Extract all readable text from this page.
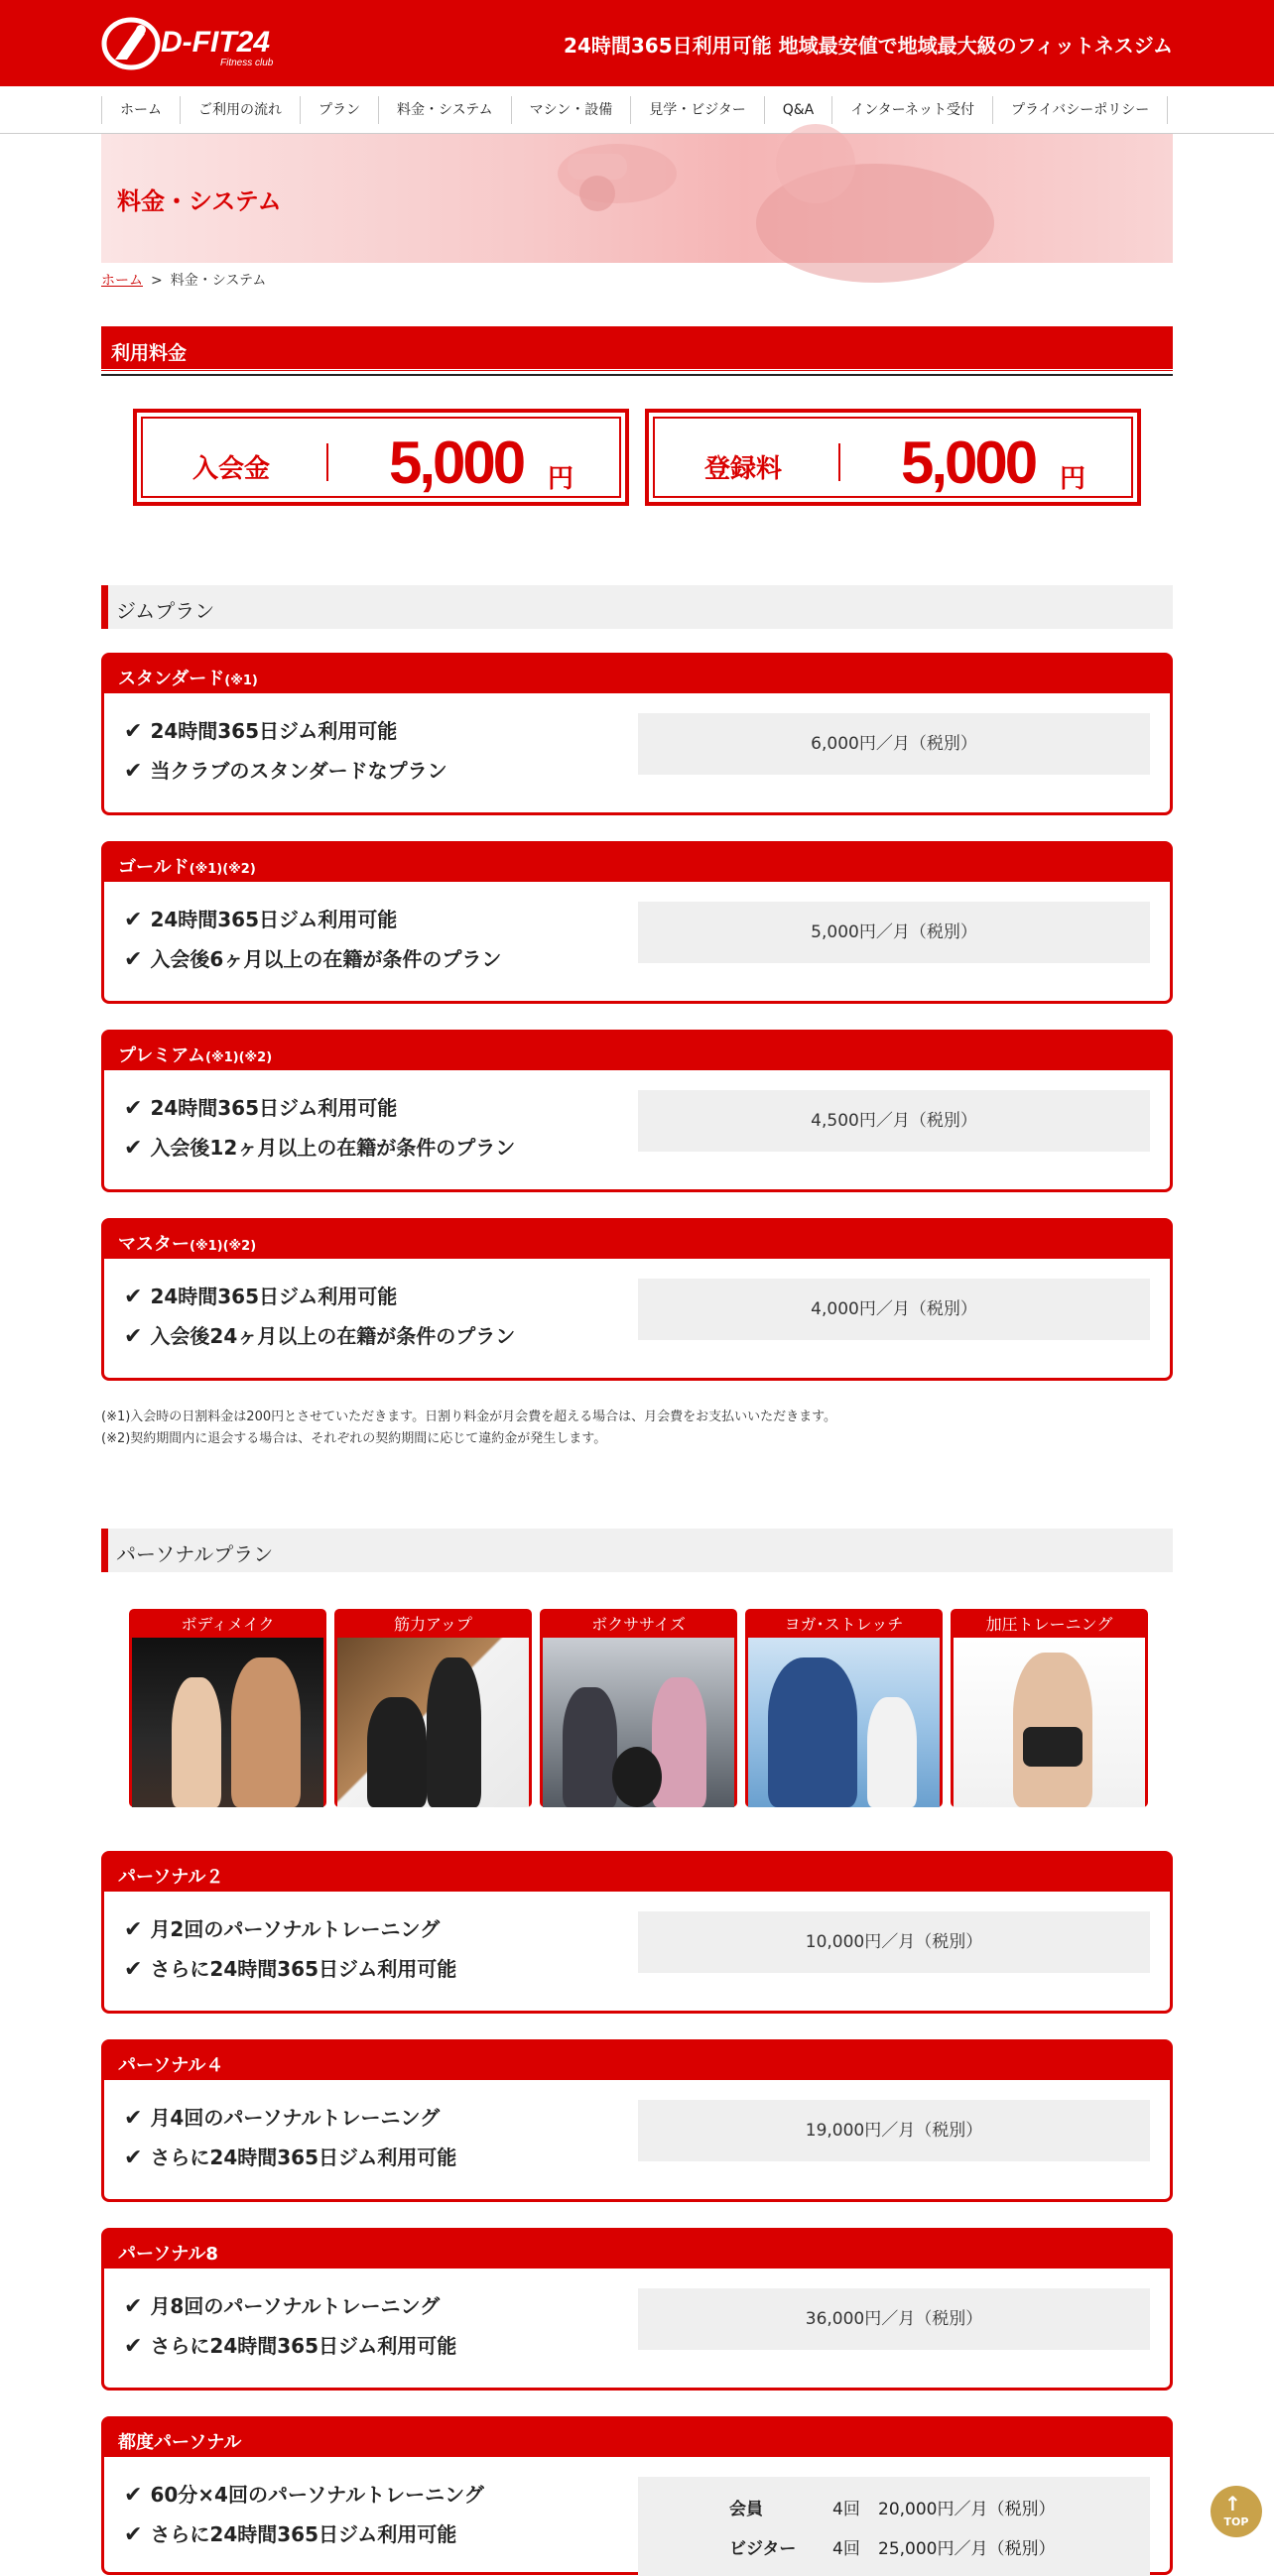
D-FIT24
Fitness club
24時間365日利用可能 地域最安値で地域最大級のフィットネスジム
ホーム	ご利用の流れ	プラン	料金・システム	マシン・設備	見学・ビジター	Q&A	インターネット受付	プライバシーポリシー
料金・システム
ホーム > 料金・システム
利用料金
入会金 5,000 円	登録料 5,000 円
ジムプラン
スタンダード(※1)
✔ 24時間365日ジム利用可能
✔ 当クラブのスタンダードなプラン
6,000円／月（税別）
ゴールド(※1)(※2)
✔ 24時間365日ジム利用可能
✔ 入会後6ヶ月以上の在籍が条件のプラン
5,000円／月（税別）
プレミアム(※1)(※2)
✔ 24時間365日ジム利用可能
✔ 入会後12ヶ月以上の在籍が条件のプラン
4,500円／月（税別）
マスター(※1)(※2)
✔ 24時間365日ジム利用可能
✔ 入会後24ヶ月以上の在籍が条件のプラン
4,000円／月（税別）
(※1)入会時の日割料金は200円とさせていただきます。日割り料金が月会費を超える場合は、月会費をお支払いいただきます。
(※2)契約期間内に退会する場合は、それぞれの契約期間に応じて違約金が発生します。
パーソナルプラン
ボディメイク	筋力アップ	ボクササイズ	ヨガ･ストレッチ	加圧トレーニング
パーソナル２
✔ 月2回のパーソナルトレーニング
✔ さらに24時間365日ジム利用可能
10,000円／月（税別）
パーソナル４
✔ 月4回のパーソナルトレーニング
✔ さらに24時間365日ジム利用可能
19,000円／月（税別）
パーソナル8
✔ 月8回のパーソナルトレーニング
✔ さらに24時間365日ジム利用可能
36,000円／月（税別）
都度パーソナル
✔ 60分×4回のパーソナルトレーニング
✔ さらに24時間365日ジム利用可能
会員	4回 20,000円／月（税別）
ビジター 4回 25,000円／月（税別）
↑
TOP
